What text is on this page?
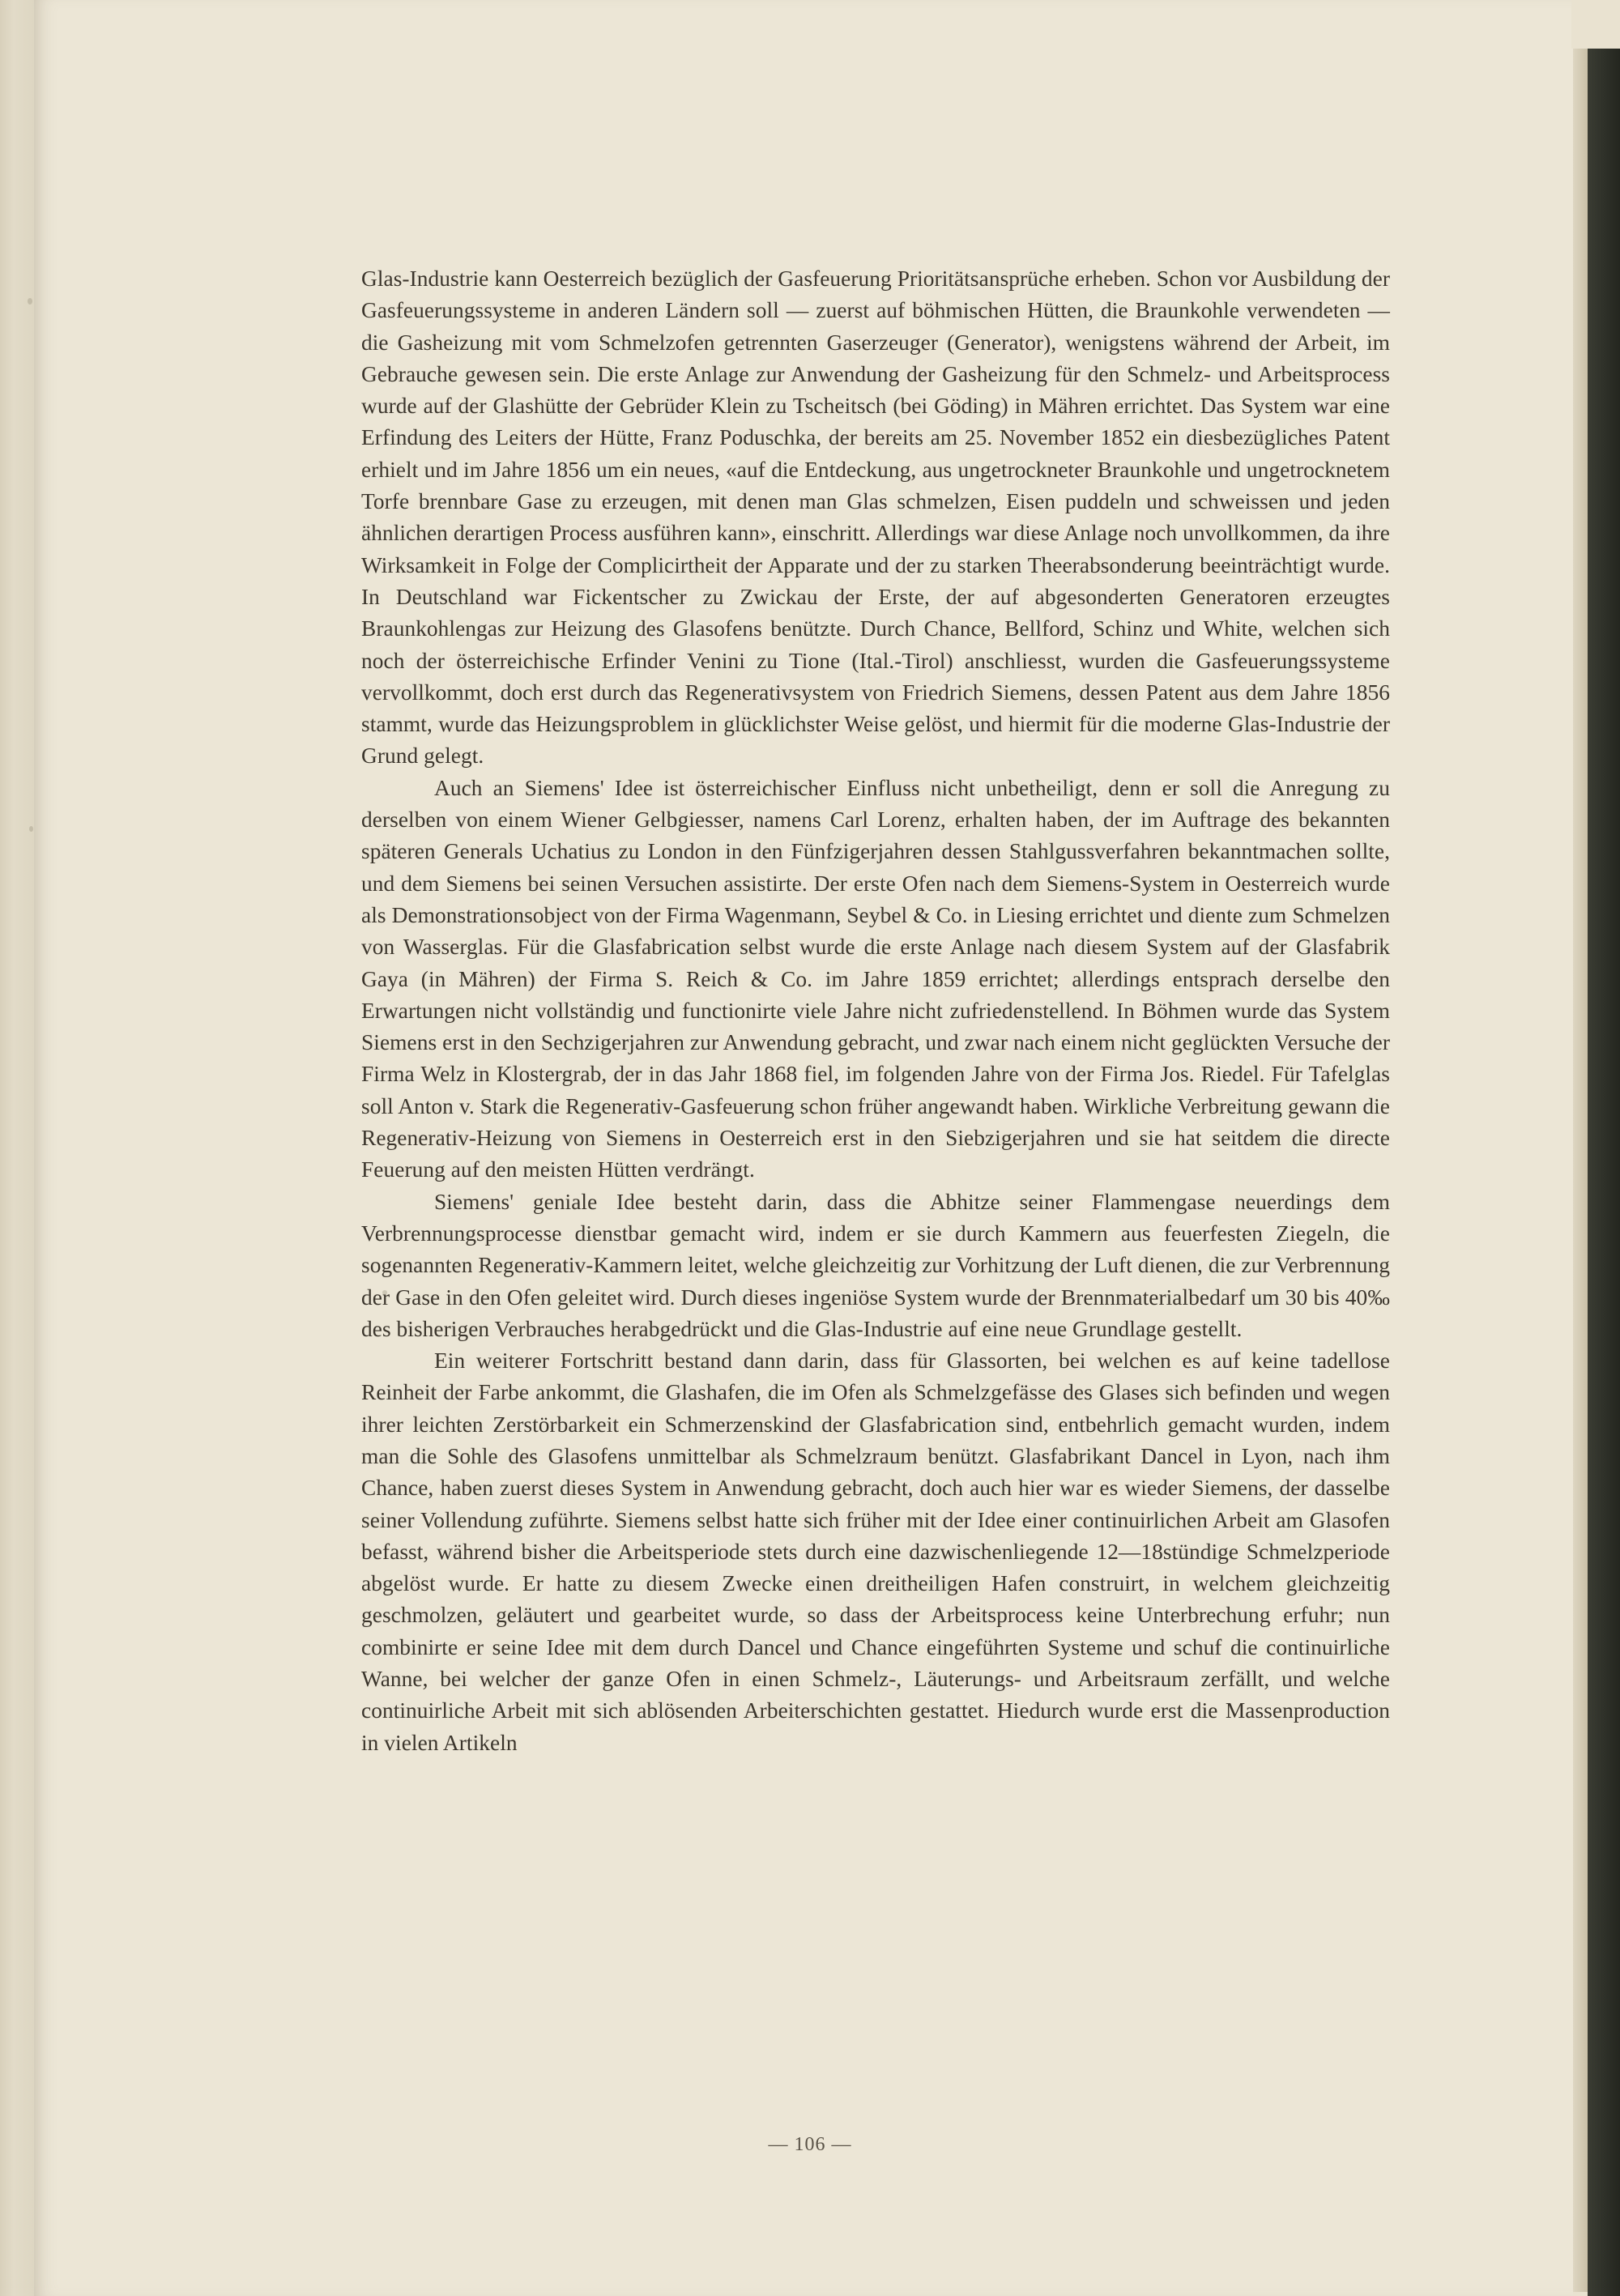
Glas-Industrie kann Oesterreich bezüglich der Gasfeuerung Prioritätsansprüche erheben. Schon vor Ausbildung der Gasfeuerungssysteme in anderen Ländern soll — zuerst auf böhmischen Hütten, die Braunkohle verwendeten — die Gasheizung mit vom Schmelzofen getrennten Gaserzeuger (Generator), wenigstens während der Arbeit, im Gebrauche gewesen sein. Die erste Anlage zur Anwendung der Gasheizung für den Schmelz- und Arbeitsprocess wurde auf der Glashütte der Gebrüder Klein zu Tscheitsch (bei Göding) in Mähren errichtet. Das System war eine Erfindung des Leiters der Hütte, Franz Poduschka, der bereits am 25. November 1852 ein diesbezügliches Patent erhielt und im Jahre 1856 um ein neues, «auf die Entdeckung, aus ungetrockneter Braunkohle und ungetrocknetem Torfe brennbare Gase zu erzeugen, mit denen man Glas schmelzen, Eisen puddeln und schweissen und jeden ähnlichen derartigen Process ausführen kann», einschritt. Allerdings war diese Anlage noch unvollkommen, da ihre Wirksamkeit in Folge der Complicirtheit der Apparate und der zu starken Theerabsonderung beeinträchtigt wurde. In Deutschland war Fickentscher zu Zwickau der Erste, der auf abgesonderten Generatoren erzeugtes Braunkohlengas zur Heizung des Glasofens benützte. Durch Chance, Bellford, Schinz und White, welchen sich noch der österreichische Erfinder Venini zu Tione (Ital.-Tirol) anschliesst, wurden die Gasfeuerungssysteme vervollkommt, doch erst durch das Regenerativsystem von Friedrich Siemens, dessen Patent aus dem Jahre 1856 stammt, wurde das Heizungsproblem in glücklichster Weise gelöst, und hiermit für die moderne Glas-Industrie der Grund gelegt.

Auch an Siemens' Idee ist österreichischer Einfluss nicht unbetheiligt, denn er soll die Anregung zu derselben von einem Wiener Gelbgiesser, namens Carl Lorenz, erhalten haben, der im Auftrage des bekannten späteren Generals Uchatius zu London in den Fünfzigerjahren dessen Stahlgussverfahren bekanntmachen sollte, und dem Siemens bei seinen Versuchen assistirte. Der erste Ofen nach dem Siemens-System in Oesterreich wurde als Demonstrationsobject von der Firma Wagenmann, Seybel & Co. in Liesing errichtet und diente zum Schmelzen von Wasserglas. Für die Glasfabrication selbst wurde die erste Anlage nach diesem System auf der Glasfabrik Gaya (in Mähren) der Firma S. Reich & Co. im Jahre 1859 errichtet; allerdings entsprach derselbe den Erwartungen nicht vollständig und functionirte viele Jahre nicht zufriedenstellend. In Böhmen wurde das System Siemens erst in den Sechzigerjahren zur Anwendung gebracht, und zwar nach einem nicht geglückten Versuche der Firma Welz in Klostergrab, der in das Jahr 1868 fiel, im folgenden Jahre von der Firma Jos. Riedel. Für Tafelglas soll Anton v. Stark die Regenerativ-Gasfeuerung schon früher angewandt haben. Wirkliche Verbreitung gewann die Regenerativ-Heizung von Siemens in Oesterreich erst in den Siebzigerjahren und sie hat seitdem die directe Feuerung auf den meisten Hütten verdrängt.

Siemens' geniale Idee besteht darin, dass die Abhitze seiner Flammengase neuerdings dem Verbrennungsprocesse dienstbar gemacht wird, indem er sie durch Kammern aus feuerfesten Ziegeln, die sogenannten Regenerativ-Kammern leitet, welche gleichzeitig zur Vorhitzung der Luft dienen, die zur Verbrennung der Gase in den Ofen geleitet wird. Durch dieses ingeniöse System wurde der Brennmaterialbedarf um 30 bis 40‰ des bisherigen Verbrauches herabgedrückt und die Glas-Industrie auf eine neue Grundlage gestellt.

Ein weiterer Fortschritt bestand dann darin, dass für Glassorten, bei welchen es auf keine tadellose Reinheit der Farbe ankommt, die Glashafen, die im Ofen als Schmelzgefässe des Glases sich befinden und wegen ihrer leichten Zerstörbarkeit ein Schmerzenskind der Glasfabrication sind, entbehrlich gemacht wurden, indem man die Sohle des Glasofens unmittelbar als Schmelzraum benützt. Glasfabrikant Dancel in Lyon, nach ihm Chance, haben zuerst dieses System in Anwendung gebracht, doch auch hier war es wieder Siemens, der dasselbe seiner Vollendung zuführte. Siemens selbst hatte sich früher mit der Idee einer continuirlichen Arbeit am Glasofen befasst, während bisher die Arbeitsperiode stets durch eine dazwischenliegende 12—18stündige Schmelzperiode abgelöst wurde. Er hatte zu diesem Zwecke einen dreitheiligen Hafen construirt, in welchem gleichzeitig geschmolzen, geläutert und gearbeitet wurde, so dass der Arbeitsprocess keine Unterbrechung erfuhr; nun combinirte er seine Idee mit dem durch Dancel und Chance eingeführten Systeme und schuf die continuirliche Wanne, bei welcher der ganze Ofen in einen Schmelz-, Läuterungs- und Arbeitsraum zerfällt, und welche continuirliche Arbeit mit sich ablösenden Arbeiterschichten gestattet. Hiedurch wurde erst die Massenproduction in vielen Artikeln

— 106 —
